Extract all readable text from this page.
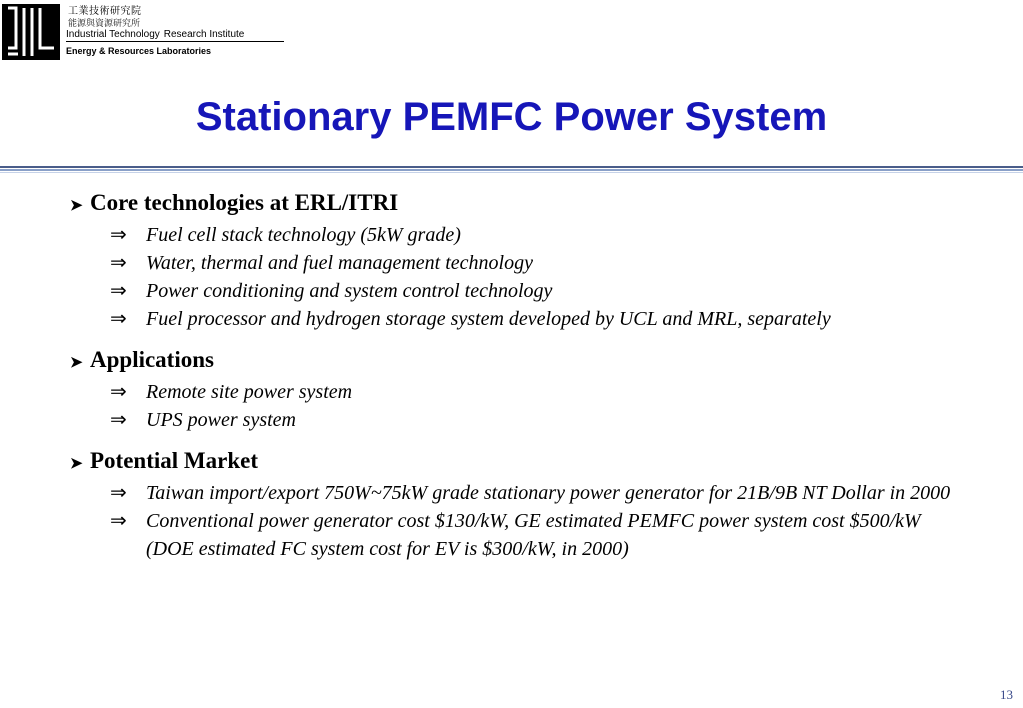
工業技術研究院
能源與資源研究所
Industrial Technology Research Institute
Energy & Resources Laboratories
Stationary PEMFC Power System
➤ Core technologies at ERL/ITRI
⇒ Fuel cell stack technology (5kW grade)
⇒ Water, thermal and fuel management technology
⇒ Power conditioning and system control technology
⇒ Fuel processor and hydrogen storage system developed by UCL and MRL, separately
➤ Applications
⇒ Remote site power system
⇒ UPS power system
➤ Potential Market
⇒ Taiwan import/export 750W~75kW grade stationary power generator for 21B/9B NT Dollar in 2000
⇒ Conventional power generator cost $130/kW, GE estimated PEMFC power system cost $500/kW (DOE estimated FC system cost for EV is $300/kW, in 2000)
13
